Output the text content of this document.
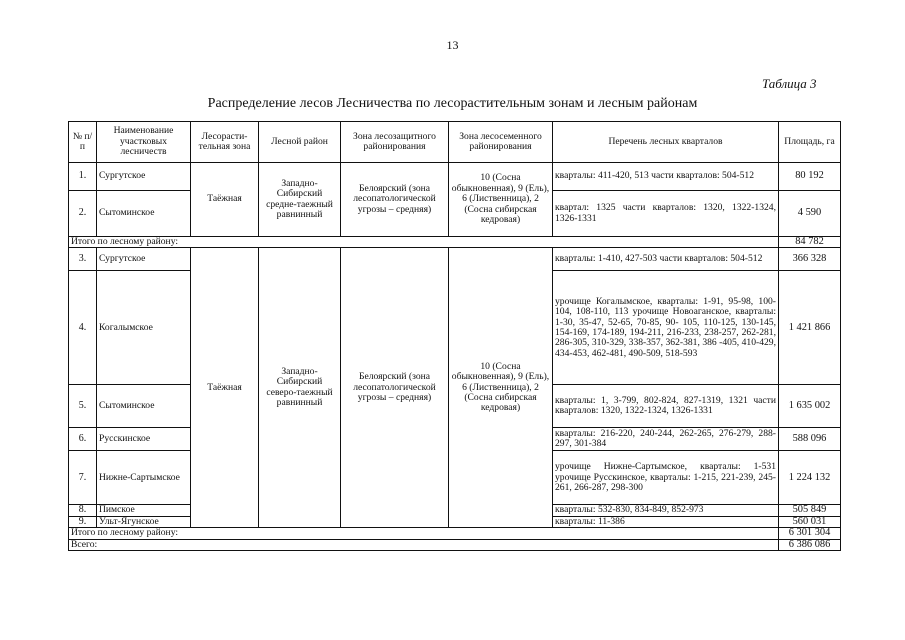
13
Таблица 3
Распределение лесов Лесничества по лесорастительным зонам и лесным районам
№ п/п	Наименование участковых лесничеств	Лесорасти-тельная зона	Лесной район	Зона лесозащитного районирования	Зона лесосеменного районирования	Перечень лесных кварталов	Площадь, га
1.	Сургутское	Таёжная	Западно-Сибирский средне-таежный равнинный	Белоярский (зона лесопатологической угрозы – средняя)	10 (Сосна обыкновенная), 9 (Ель), 6 (Лиственница), 2 (Сосна сибирская кедровая)	кварталы: 411-420, 513 части кварталов: 504-512	80 192
2.	Сытоминское					квартал: 1325 части кварталов: 1320, 1322-1324, 1326-1331	4 590
Итого по лесному району:							84 782
3.	Сургутское	Таёжная	Западно-Сибирский северо-таежный равнинный	Белоярский (зона лесопатологической угрозы – средняя)	10 (Сосна обыкновенная), 9 (Ель), 6 (Лиственница), 2 (Сосна сибирская кедровая)	кварталы: 1-410, 427-503 части кварталов: 504-512	366 328
4.	Когалымское					урочище Когалымское, кварталы: 1-91, 95-98, 100-104, 108-110, 113 урочище Новоаганское, кварталы: 1-30, 35-47, 52-65, 70-85, 90- 105, 110-125, 130-145, 154-169, 174-189, 194-211, 216-233, 238-257, 262-281, 286-305, 310-329, 338-357, 362-381, 386 -405, 410-429, 434-453, 462-481, 490-509, 518-593	1 421 866
5.	Сытоминское					кварталы: 1, 3-799, 802-824, 827-1319, 1321 части кварталов: 1320, 1322-1324, 1326-1331	1 635 002
6.	Русскинское					кварталы: 216-220, 240-244, 262-265, 276-279, 288-297, 301-384	588 096
7.	Нижне-Сартымское					урочище Нижне-Сартымское, кварталы: 1-531 урочище Русскинское, кварталы: 1-215, 221-239, 245-261, 266-287, 298-300	1 224 132
8.	Пимское					кварталы: 532-830, 834-849, 852-973	505 849
9.	Ульт-Ягунское					кварталы: 11-386	560 031
Итого по лесному району:							6 301 304
Всего:							6 386 086
